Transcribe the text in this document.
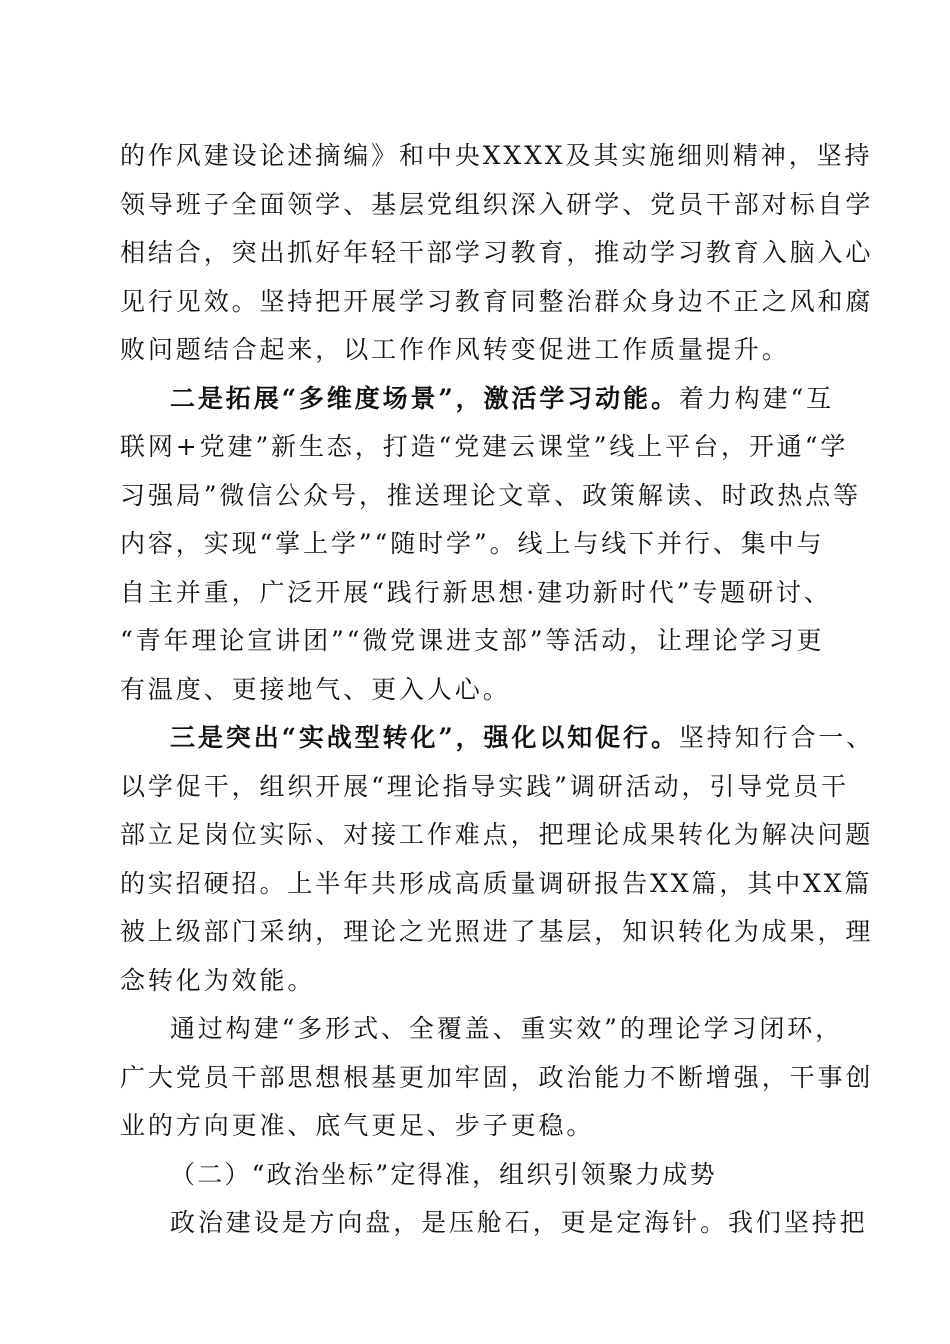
的作风建设论述摘编》和中央XXXX及其实施细则精神，坚持
领导班子全面领学、基层党组织深入研学、党员干部对标自学
相结合，突出抓好年轻干部学习教育，推动学习教育入脑入心
见行见效。坚持把开展学习教育同整治群众身边不正之风和腐
败问题结合起来，以工作作风转变促进工作质量提升。
二是拓展“多维度场景”，激活学习动能。着力构建“互
联网+党建”新生态，打造“党建云课堂”线上平台，开通“学
习强局”微信公众号，推送理论文章、政策解读、时政热点等
内容，实现“掌上学”“随时学”。线上与线下并行、集中与
自主并重，广泛开展“践行新思想·建功新时代”专题研讨、
“青年理论宣讲团”“微党课进支部”等活动，让理论学习更
有温度、更接地气、更入人心。
三是突出“实战型转化”，强化以知促行。坚持知行合一、
以学促干，组织开展“理论指导实践”调研活动，引导党员干
部立足岗位实际、对接工作难点，把理论成果转化为解决问题
的实招硬招。上半年共形成高质量调研报告XX篇，其中XX篇
被上级部门采纳，理论之光照进了基层，知识转化为成果，理
念转化为效能。
通过构建“多形式、全覆盖、重实效”的理论学习闭环，
广大党员干部思想根基更加牢固，政治能力不断增强，干事创
业的方向更准、底气更足、步子更稳。
（二）“政治坐标”定得准，组织引领聚力成势
政治建设是方向盘，是压舱石，更是定海针。我们坚持把
